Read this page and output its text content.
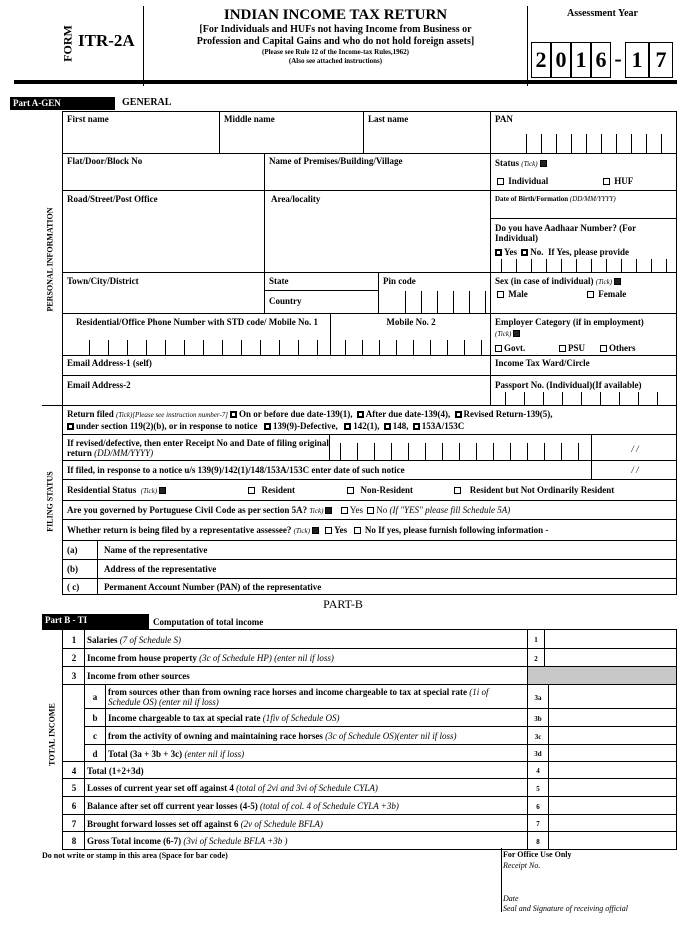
FORM ITR-2A
INDIAN INCOME TAX RETURN
[For Individuals and HUFs not having Income from Business or
Profession and Capital Gains and who do not hold foreign assets]
(Please see Rule 12 of the Income-tax Rules,1962)
(Also see attached instructions)
Assessment Year
2 0 1 6 - 1 7
Part A-GEN	GENERAL
PERSONAL INFORMATION
First name	Middle name	Last name	PAN
Flat/Door/Block No	Name of Premises/Building/Village	Status (Tick)
Individual	HUF
Road/Street/Post Office	Area/locality	Date of Birth/Formation (DD/MM/YYYY)
Do you have Aadhaar Number? (For Individual)
Yes No. If Yes, please provide
Town/City/District	State
Country
Pin code	Sex (in case of individual) (Tick)
Male	Female
Residential/Office Phone Number with STD code/ Mobile No. 1	Mobile No. 2	Employer Category (if in employment)
(Tick)
Govt.	PSU	Others
Email Address-1 (self)	Income Tax Ward/Circle
Email Address-2	Passport No. (Individual)(If available)
FILING STATUS
Return filed (Tick)[Please see instruction number-7] On or before due date-139(1), After due date-139(4), Revised Return-139(5),
under section 119(2)(b), or in response to notice 139(9)-Defective, 142(1), 148, 153A/153C
If revised/defective, then enter Receipt No and Date of filing original return (DD/MM/YYYY)	/ /
If filed, in response to a notice u/s 139(9)/142(1)/148/153A/153C enter date of such notice	/ /
Residential Status (Tick)	Resident	Non-Resident	Resident but Not Ordinarily Resident
Are you governed by Portuguese Civil Code as per section 5A? Tick)	Yes No (If "YES" please fill Schedule 5A)
Whether return is being filed by a representative assessee? (Tick)	Yes No If yes, please furnish following information -
(a)	Name of the representative
(b)	Address of the representative
( c)	Permanent Account Number (PAN) of the representative
PART-B
Part B - TI	Computation of total income
TOTAL INCOME
1	Salaries (7 of Schedule S)	1
2	Income from house property (3c of Schedule HP) (enter nil if loss)	2
3	Income from other sources
a	from sources other than from owning race horses and income chargeable to tax at special rate (1i of Schedule OS) (enter nil if loss)	3a
b	Income chargeable to tax at special rate (1fiv of Schedule OS)	3b
c	from the activity of owning and maintaining race horses (3c of Schedule OS)(enter nil if loss)	3c
d	Total (3a + 3b + 3c) (enter nil if loss)	3d
4	Total (1+2+3d)	4
5	Losses of current year set off against 4 (total of 2vi and 3vi of Schedule CYLA)	5
6	Balance after set off current year losses (4-5) (total of col. 4 of Schedule CYLA +3b)	6
7	Brought forward losses set off against 6 (2v of Schedule BFLA)	7
8	Gross Total income (6-7) (3vi of Schedule BFLA +3b )	8
Do not write or stamp in this area (Space for bar code)	For Office Use Only
Receipt No.
Date
Seal and Signature of receiving official
